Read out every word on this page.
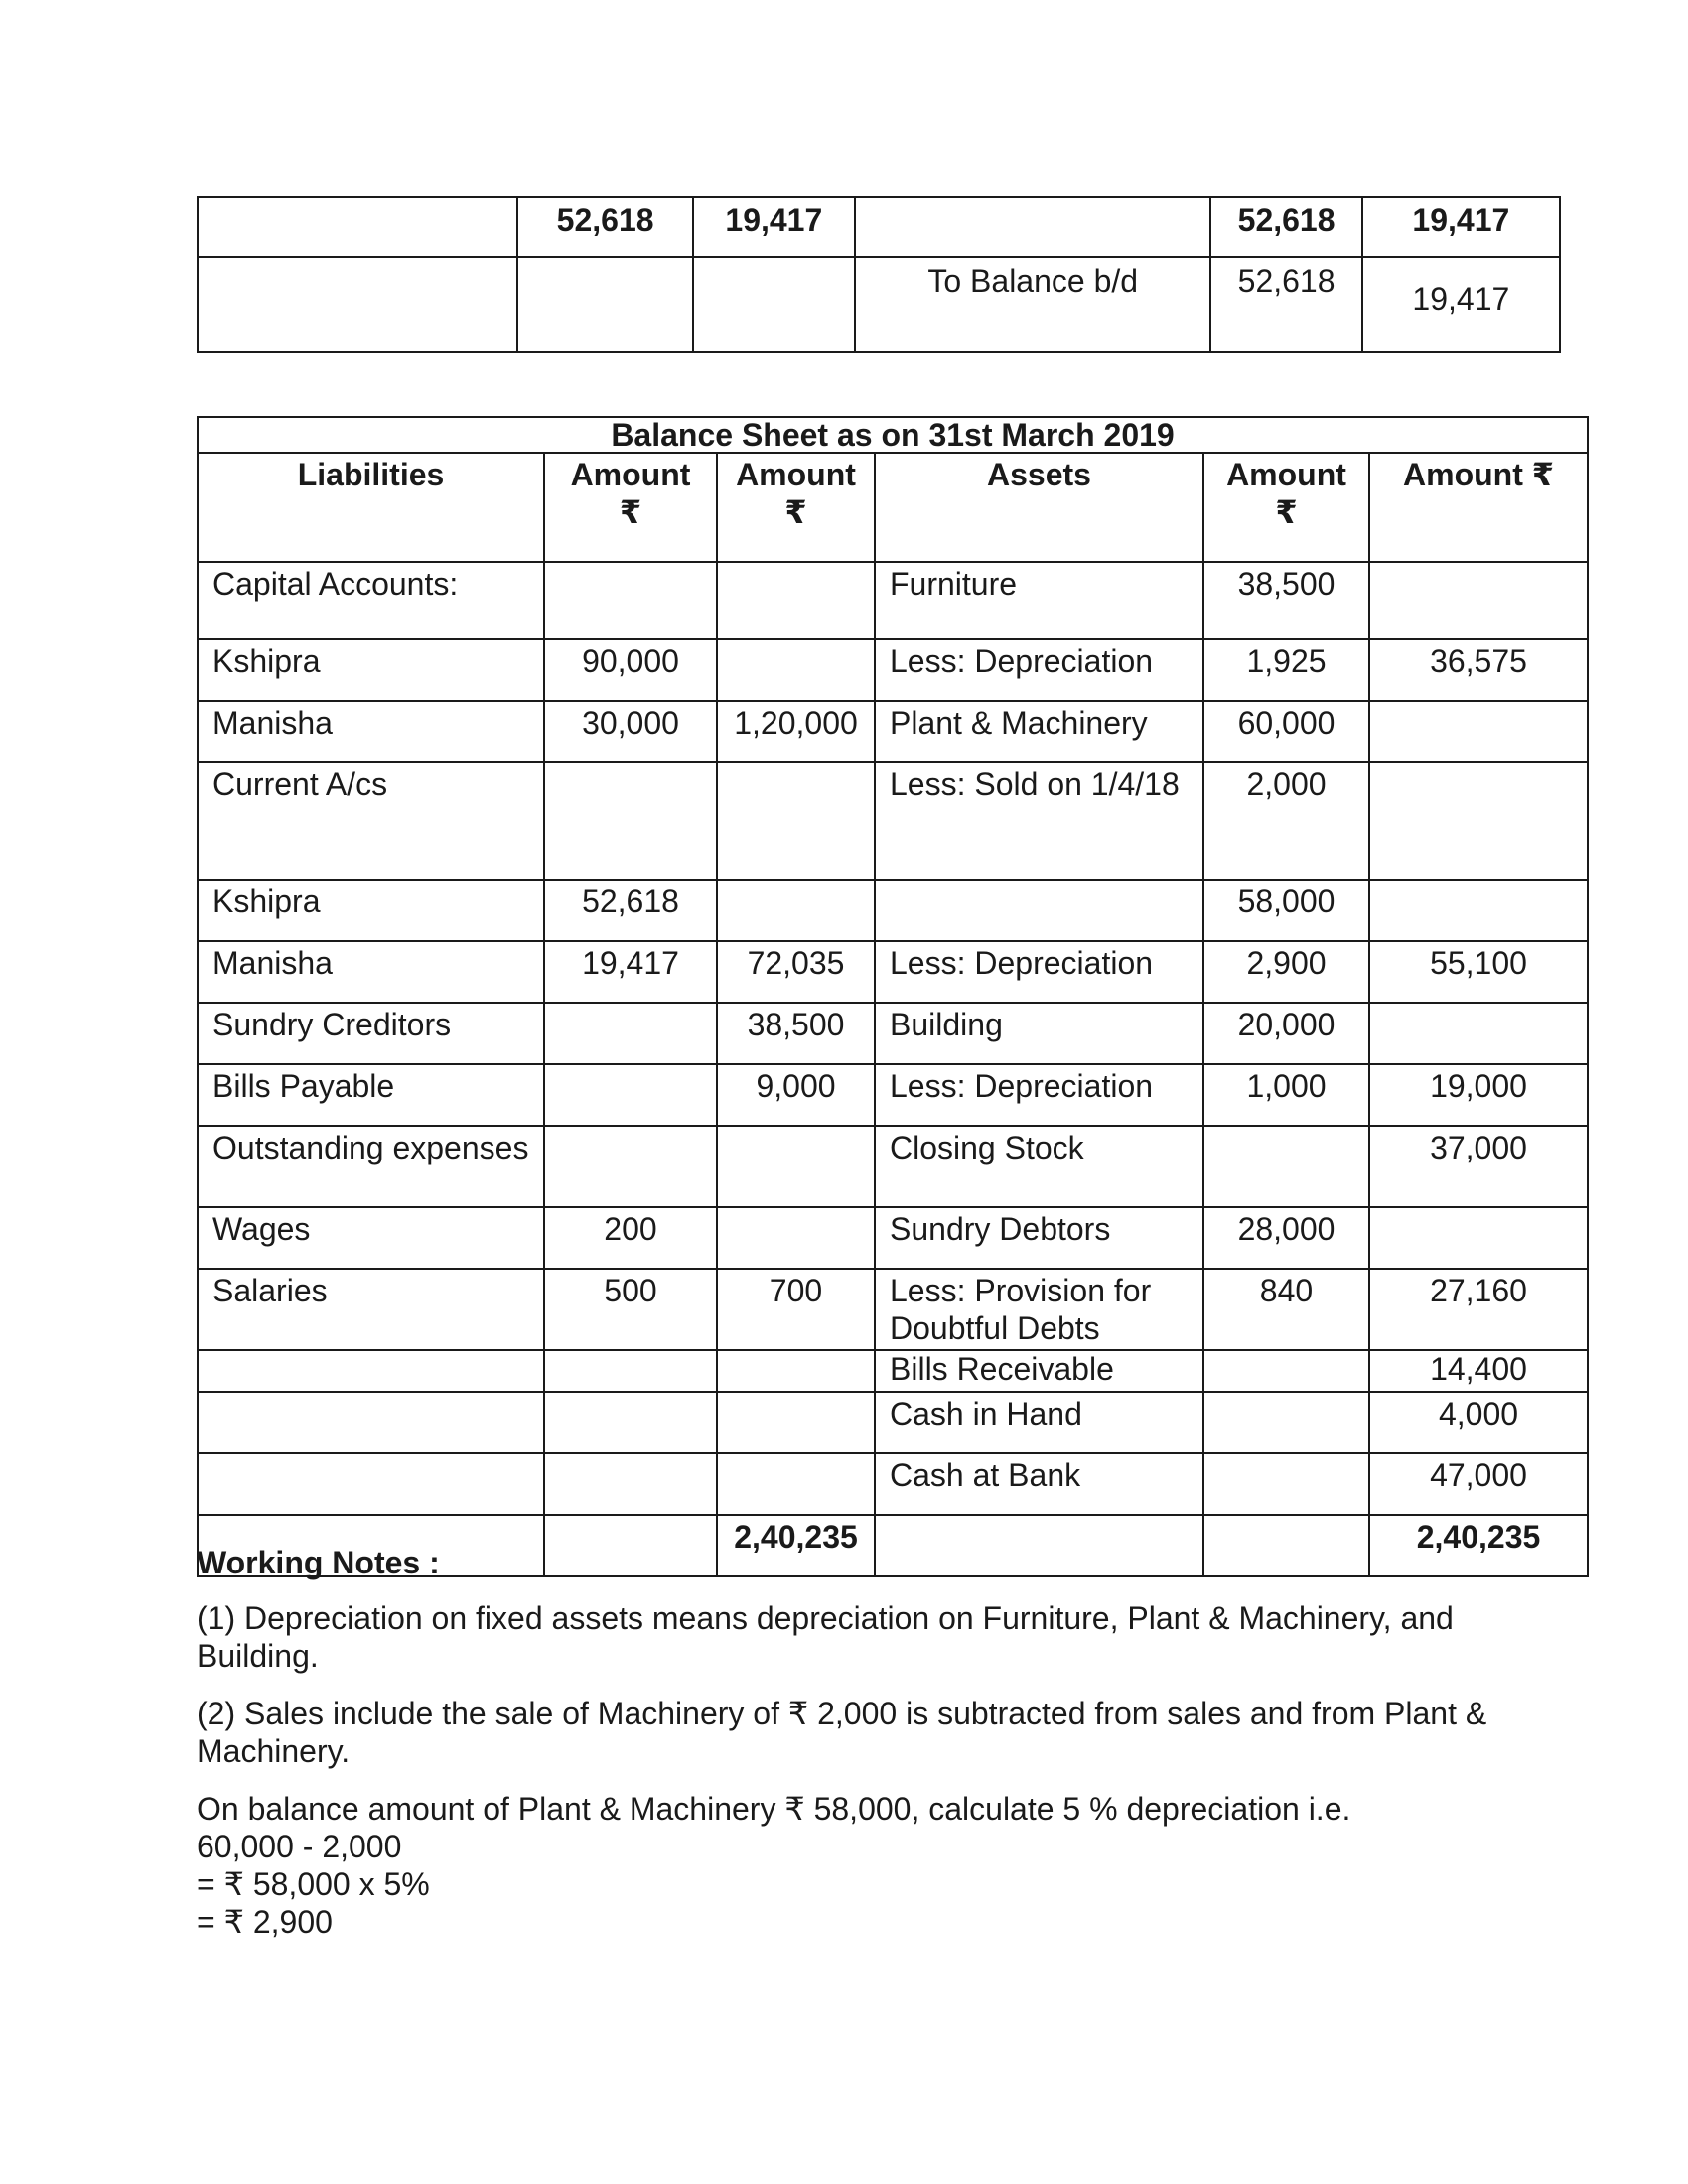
	52,618	19,417		52,618	19,417
			To Balance b/d	52,618	19,417
Balance Sheet as on 31st March 2019					
Liabilities	Amount ₹	Amount ₹	Assets	Amount ₹	Amount ₹
Capital Accounts:			Furniture	38,500	
Kshipra	90,000		Less: Depreciation	1,925	36,575
Manisha	30,000	1,20,000	Plant & Machinery	60,000	
Current A/cs			Less: Sold on 1/4/18	2,000	
Kshipra	52,618			58,000	
Manisha	19,417	72,035	Less: Depreciation	2,900	55,100
Sundry Creditors		38,500	Building	20,000	
Bills Payable		9,000	Less: Depreciation	1,000	19,000
Outstanding expenses			Closing Stock		37,000
Wages	200		Sundry Debtors	28,000	
Salaries	500	700	Less: Provision for Doubtful Debts	840	27,160
			Bills Receivable		14,400
			Cash in Hand		4,000
			Cash at Bank		47,000
		2,40,235			2,40,235

Working Notes :

(1) Depreciation on fixed assets means depreciation on Furniture, Plant & Machinery, and Building.

(2) Sales include the sale of Machinery of ₹ 2,000 is subtracted from sales and from Plant & Machinery.

On balance amount of Plant & Machinery ₹ 58,000, calculate 5 % depreciation i.e.

60,000 - 2,000

= ₹ 58,000 x 5%

= ₹ 2,900
